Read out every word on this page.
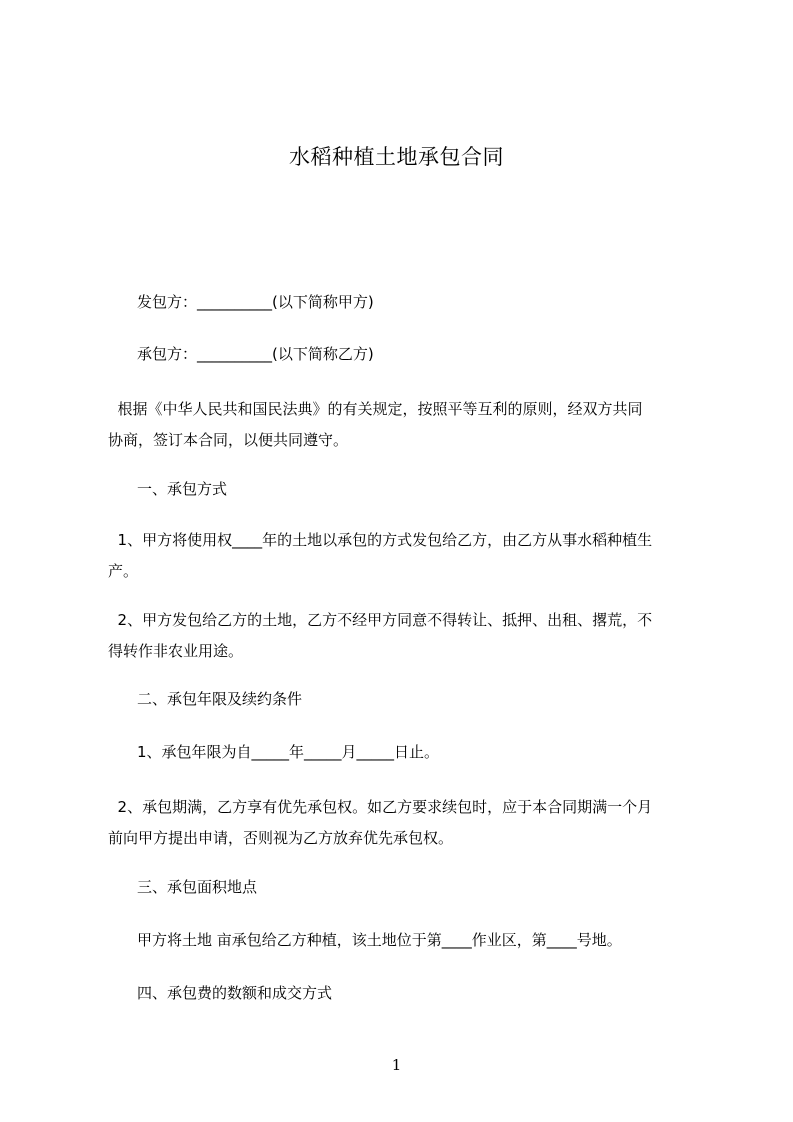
水稻种植土地承包合同
发包方：__________(以下简称甲方)
承包方：__________(以下简称乙方)
根据《中华人民共和国民法典》的有关规定，按照平等互利的原则，经双方共同
协商，签订本合同，以便共同遵守。
一、承包方式
1、甲方将使用权____年的土地以承包的方式发包给乙方，由乙方从事水稻种植生
产。
2、甲方发包给乙方的土地，乙方不经甲方同意不得转让、抵押、出租、撂荒，不
得转作非农业用途。
二、承包年限及续约条件
1、承包年限为自_____年_____月_____日止。
2、承包期满，乙方享有优先承包权。如乙方要求续包时，应于本合同期满一个月
前向甲方提出申请，否则视为乙方放弃优先承包权。
三、承包面积地点
甲方将土地 亩承包给乙方种植，该土地位于第____作业区，第____号地。
四、承包费的数额和成交方式
1
